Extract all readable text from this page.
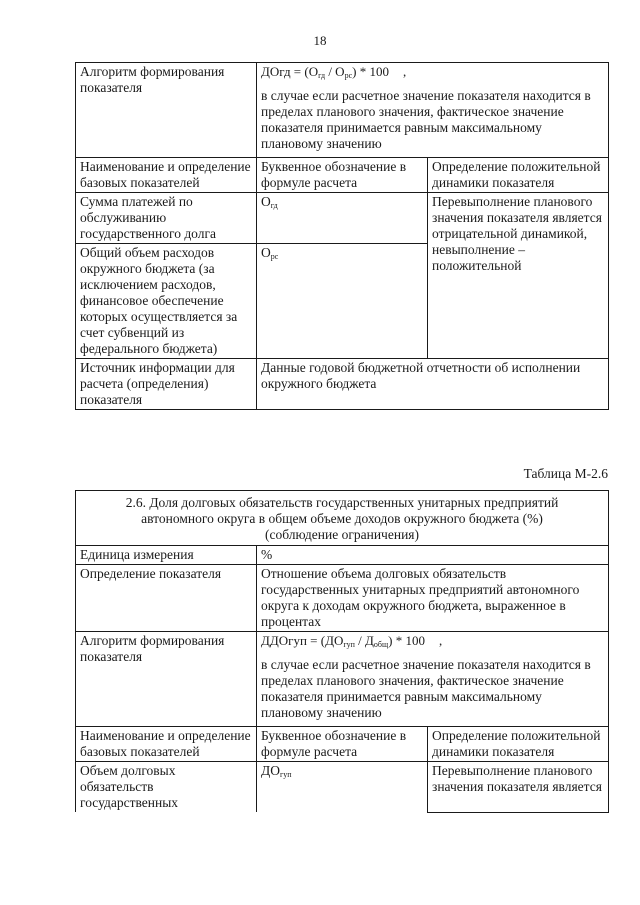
18
Алгоритм формирования показателя	ДОгд = $(О_{гд} / О_{рс}) * 100$ ,
в случае если расчетное значение показателя находится в пределах планового значения, фактическое значение показателя принимается равным максимальному плановому значению	

Наименование и определение базовых показателей	Буквенное обозначение в формуле расчета	Определение положительной динамики показателя
Сумма платежей по обслуживанию государственного долга	$О_{гд}$	Перевыполнение планового значения показателя является отрицательной динамикой, невыполнение – положительной
Общий объем расходов окружного бюджета (за исключением расходов, финансовое обеспечение которых осуществляется за счет субвенций из федерального бюджета)	$О_{рс}$
Источник информации для расчета (определения) показателя	Данные годовой бюджетной отчетности об исполнении окружного бюджета	
Таблица М-2.6
2.6. Доля долговых обязательств государственных унитарных предприятий автономного округа в общем объеме доходов окружного бюджета (%) (соблюдение ограничения)		
Единица измерения	%	
Определение показателя	Отношение объема долговых обязательств государственных унитарных предприятий автономного округа к доходам окружного бюджета, выраженное в процентах	
Алгоритм формирования показателя	ДДОгуп = $(ДО_{гуп} / Д_{общ}) * 100$ ,
в случае если расчетное значение показателя находится в пределах планового значения, фактическое значение показателя принимается равным максимальному плановому значению	

Наименование и определение базовых показателей	Буквенное обозначение в формуле расчета	Определение положительной динамики показателя
Объем долговых обязательств государственных	$ДО_{гуп}$	Перевыполнение планового значения показателя является
